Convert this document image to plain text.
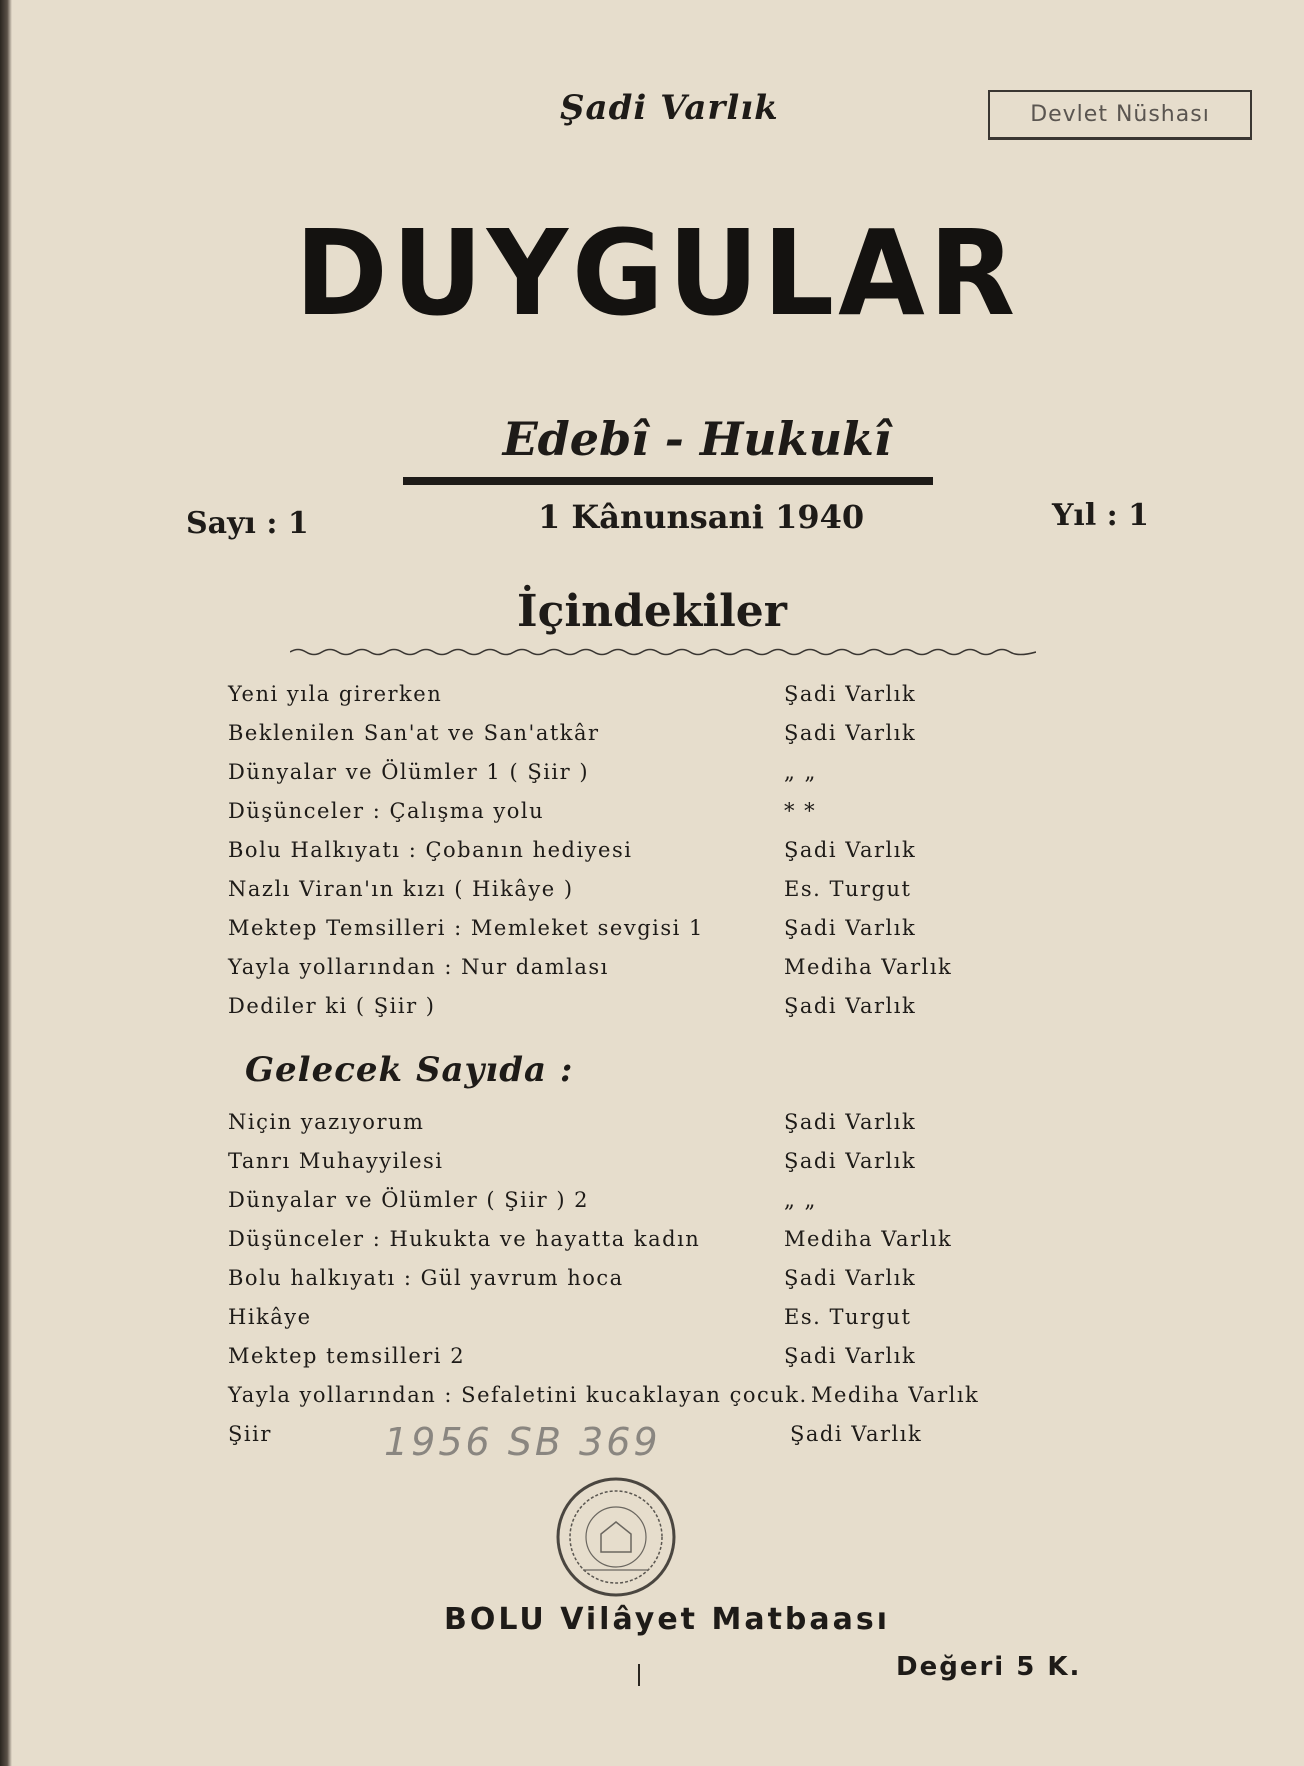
Şadi Varlık	Devlet Nüshası
DUYGULAR
Edebî - Hukukî
Sayı : 1	1 Kânunsani 1940	Yıl : 1
İçindekiler
Yeni yıla girerken	Şadi Varlık
Beklenilen San'at ve San'atkâr	Şadi Varlık
Dünyalar ve Ölümler 1 ( Şiir )	„ „
Düşünceler : Çalışma yolu	* *
Bolu Halkıyatı : Çobanın hediyesi	Şadi Varlık
Nazlı Viran'ın kızı ( Hikâye )	Es. Turgut
Mektep Temsilleri : Memleket sevgisi 1	Şadi Varlık
Yayla yollarından : Nur damlası	Mediha Varlık
Dediler ki ( Şiir )	Şadi Varlık
Gelecek Sayıda :
Niçin yazıyorum	Şadi Varlık
Tanrı Muhayyilesi	Şadi Varlık
Dünyalar ve Ölümler ( Şiir ) 2	„ „
Düşünceler : Hukukta ve hayatta kadın	Mediha Varlık
Bolu halkıyatı : Gül yavrum hoca	Şadi Varlık
Hikâye	Es. Turgut
Mektep temsilleri 2	Şadi Varlık
Yayla yollarından : Sefaletini kucaklayan çocuk. Mediha Varlık
Şiir	Şadi Varlık
1956 SB 369
BOLU Vilâyet Matbaası
Değeri 5 K.
